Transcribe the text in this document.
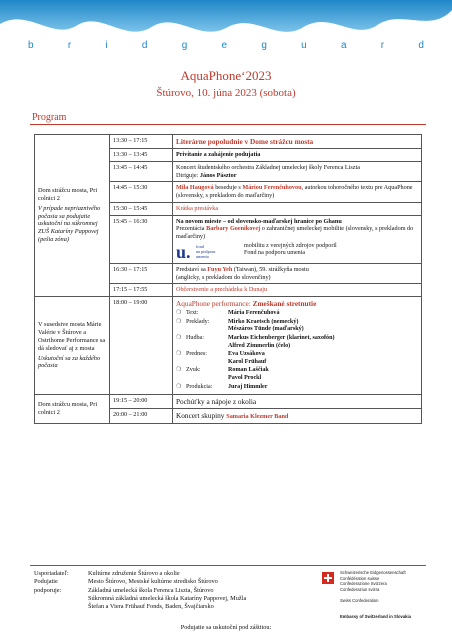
b	r	i	d	g	e	g	u	a	r	d
AquaPhone‘2023
Štúrovo, 10. júna 2023 (sobota)
Program
Dom strážcu mosta, Pri colnici 2
V prípade nepriaznivého počasia sa podujatie uskutoční na súkromnej ZUŠ Kataríny Pappovej (pešia zóna)
	13:30 – 17:15	Literárne popoludnie v Dome strážcu mosta
13:30 – 13:45	Privítanie a zahájenie podujatia
13:45 – 14:45	Koncert študentského orchestra Základnej umeleckej školy Ferenca Liszta
Diriguje: János Pásztor
14:45 – 15:30	Mila Haugová beseduje s Máriou Ferenčuhovou, autorkou tohoročného textu pre AquaPhone (slovensky, s prekladom do maďarčiny)
15:30 – 15:45	Krátka prestávka
15:45 – 16:30	Na novom mieste – od slovensko-maďarskej hranice po Ghanu
Prezentácia Barbary Goenikovej o zahraničnej umeleckej mobilite (slovensky, s prekladom do maďarčiny)
u.	fond
na podporu
umenia
mobilitu z verejných zdrojov podporil
Fond na podporu umenia

16:30 – 17:15	Predstaví sa Fuyu Yeh (Taiwan), 59. strážkyňa mostu
(anglicky, s prekladom do slovenčiny)
17:15 – 17:55	Občerstvenie a prechádzka k Dunaju
V susedstve mosta Márie Valérie v Štúrove a Ostrihome Performance sa dá sledovať aj z mosta
Uskutoční sa za každého počasia
	18:00 – 19:00	AquaPhone performance: Zmeškané stretnutie
❍	Text:	Mária Ferenčuhová

❍	Preklady:	Mirko Kraetsch (nemecký)
Mészáros Tünde (maďarský)

❍	Hudba:	Markus Eichenberger (klarinet, saxofón)
Alfred Zimmerlin (čelo)

❍	Prednes:	Eva Uzsákova
Karol Frühauf

❍	Zvuk:	Roman Laščiak
Pavol Prockl

❍	Produkcia:	Juraj Himmler

Dom strážcu mosta, Pri colnici 2	19:15 – 20:00	Pochúťky a nápoje z okolia
20:00 – 21:00	Koncert skupiny Samaria Klezmer Band
Usporiadateľ:	Kultúrne združenie Štúrovo a okolie
Podujatie	Mesto Štúrovo, Mestské kultúrne stredisko Štúrovo
podporuje:	Základná umelecká škola Ferenca Liszta, Štúrovo
Súkromná základná umelecká škola Kataríny Pappovej, Mužla
Štefan a Viera Frühauf Fonds, Baden, Švajčiarsko
Podujatie sa uskutoční pod záštitou:
Schweizerische Eidgenossenschaft
Confédération suisse
Confederazione Svizzera
Confederaziun svizra
Swiss Confederation
Embassy of Switzerland in Slovakia
